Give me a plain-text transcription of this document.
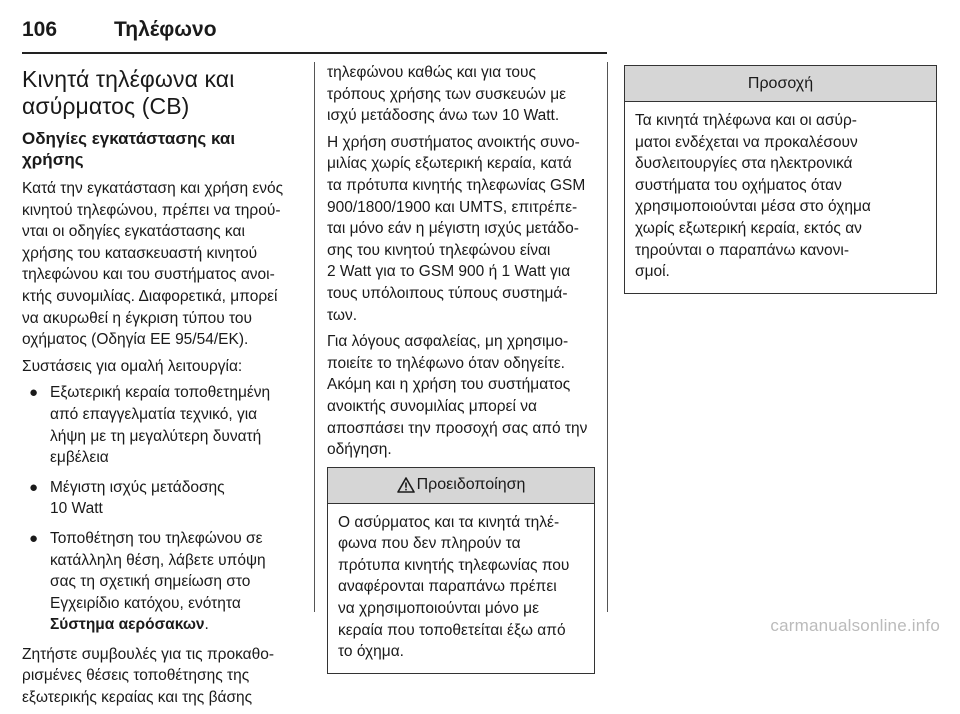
106	Τηλέφωνο
Κινητά τηλέφωνα και
ασύρματος (CB)
Οδηγίες εγκατάστασης και
χρήσης

Κατά την εγκατάσταση και χρήση ενός
κινητού τηλεφώνου, πρέπει να τηρού-
νται οι οδηγίες εγκατάστασης και
χρήσης του κατασκευαστή κινητού
τηλεφώνου και του συστήματος ανοι-
κτής συνομιλίας. Διαφορετικά, μπορεί
να ακυρωθεί η έγκριση τύπου του
οχήματος (Οδηγία ΕΕ 95/54/ΕΚ).

Συστάσεις για ομαλή λειτουργία:

● Εξωτερική κεραία τοποθετημένη
από επαγγελματία τεχνικό, για
λήψη με τη μεγαλύτερη δυνατή
εμβέλεια
● Μέγιστη ισχύς μετάδοσης
10 Watt
● Τοποθέτηση του τηλεφώνου σε
κατάλληλη θέση, λάβετε υπόψη
σας τη σχετική σημείωση στο
Εγχειρίδιο κατόχου, ενότητα
Σύστημα αερόσακων.

Ζητήστε συμβουλές για τις προκαθο-
ρισμένες θέσεις τοποθέτησης της
εξωτερικής κεραίας και της βάσης

τηλεφώνου καθώς και για τους
τρόπους χρήσης των συσκευών με
ισχύ μετάδοσης άνω των 10 Watt.

Η χρήση συστήματος ανοικτής συνο-
μιλίας χωρίς εξωτερική κεραία, κατά
τα πρότυπα κινητής τηλεφωνίας GSM
900/1800/1900 και UMTS, επιτρέπε-
ται μόνο εάν η μέγιστη ισχύς μετάδο-
σης του κινητού τηλεφώνου είναι
2 Watt για το GSM 900 ή 1 Watt για
τους υπόλοιπους τύπους συστημά-
των.

Για λόγους ασφαλείας, μη χρησιμο-
ποιείτε το τηλέφωνο όταν οδηγείτε.
Ακόμη και η χρήση του συστήματος
ανοικτής συνομιλίας μπορεί να
αποσπάσει την προσοχή σας από την
οδήγηση.

Προειδοποίηση
Ο ασύρματος και τα κινητά τηλέ-
φωνα που δεν πληρούν τα
πρότυπα κινητής τηλεφωνίας που
αναφέρονται παραπάνω πρέπει
να χρησιμοποιούνται μόνο με
κεραία που τοποθετείται έξω από
το όχημα.
Προσοχή
Τα κινητά τηλέφωνα και οι ασύρ-
ματοι ενδέχεται να προκαλέσουν
δυσλειτουργίες στα ηλεκτρονικά
συστήματα του οχήματος όταν
χρησιμοποιούνται μέσα στο όχημα
χωρίς εξωτερική κεραία, εκτός αν
τηρούνται ο παραπάνω κανονι-
σμοί.
carmanualsonline.info
